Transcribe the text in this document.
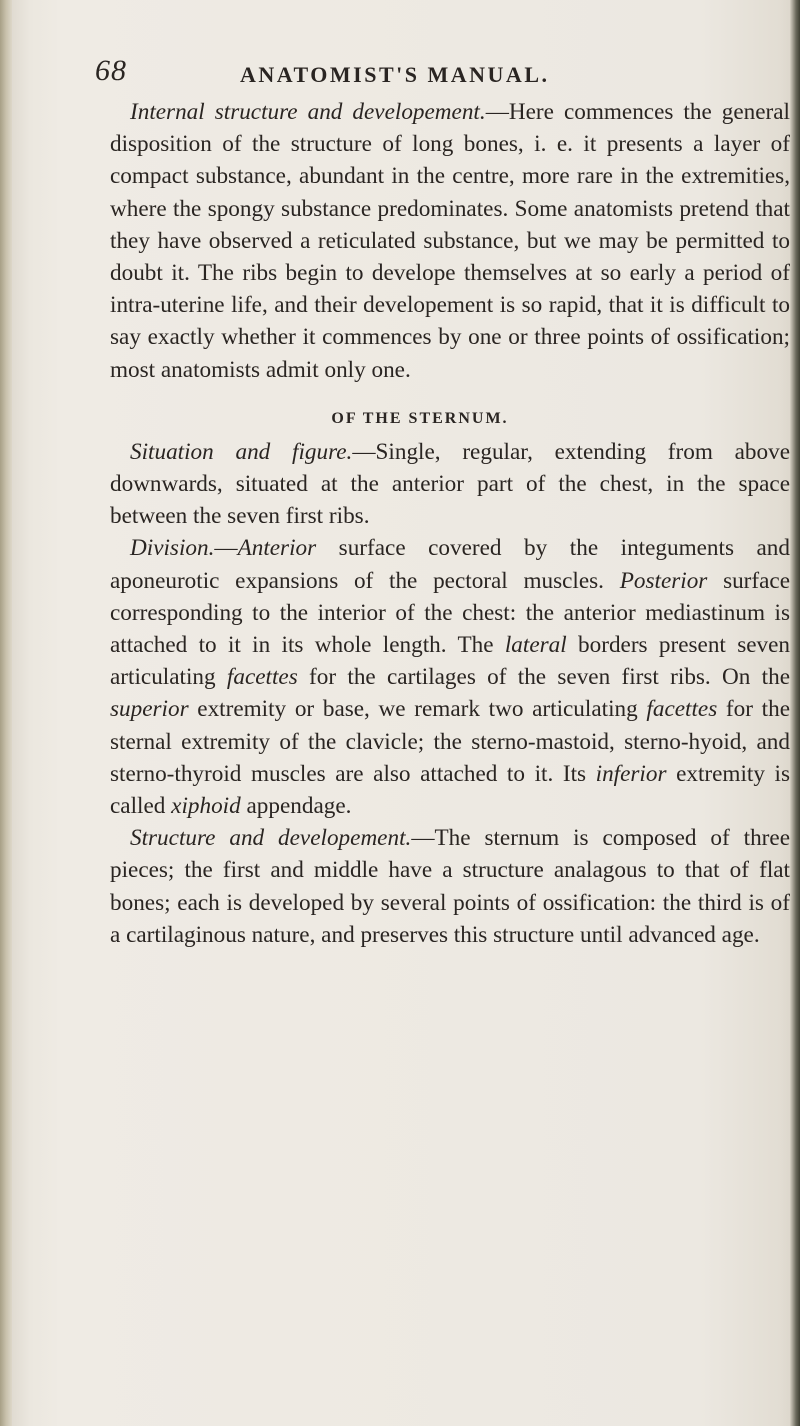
68	ANATOMIST'S MANUAL.

Internal structure and developement.—Here commences the general disposition of the structure of long bones, i. e. it presents a layer of compact substance, abundant in the centre, more rare in the extremities, where the spongy substance predominates. Some anatomists pretend that they have observed a reticulated substance, but we may be permitted to doubt it. The ribs begin to develope themselves at so early a period of intra-uterine life, and their developement is so rapid, that it is difficult to say exactly whether it commences by one or three points of ossification; most anatomists admit only one.

OF THE STERNUM.

Situation and figure.—Single, regular, extending from above downwards, situated at the anterior part of the chest, in the space between the seven first ribs.

Division.—Anterior surface covered by the integuments and aponeurotic expansions of the pectoral muscles. Posterior surface corresponding to the interior of the chest: the anterior mediastinum is attached to it in its whole length. The lateral borders present seven articulating facettes for the cartilages of the seven first ribs. On the superior extremity or base, we remark two articulating facettes for the sternal extremity of the clavicle; the sterno-mastoid, sterno-hyoid, and sterno-thyroid muscles are also attached to it. Its inferior extremity is called xiphoid appendage.

Structure and developement.—The sternum is composed of three pieces; the first and middle have a structure analagous to that of flat bones; each is developed by several points of ossification: the third is of a cartilaginous nature, and preserves this structure until advanced age.
